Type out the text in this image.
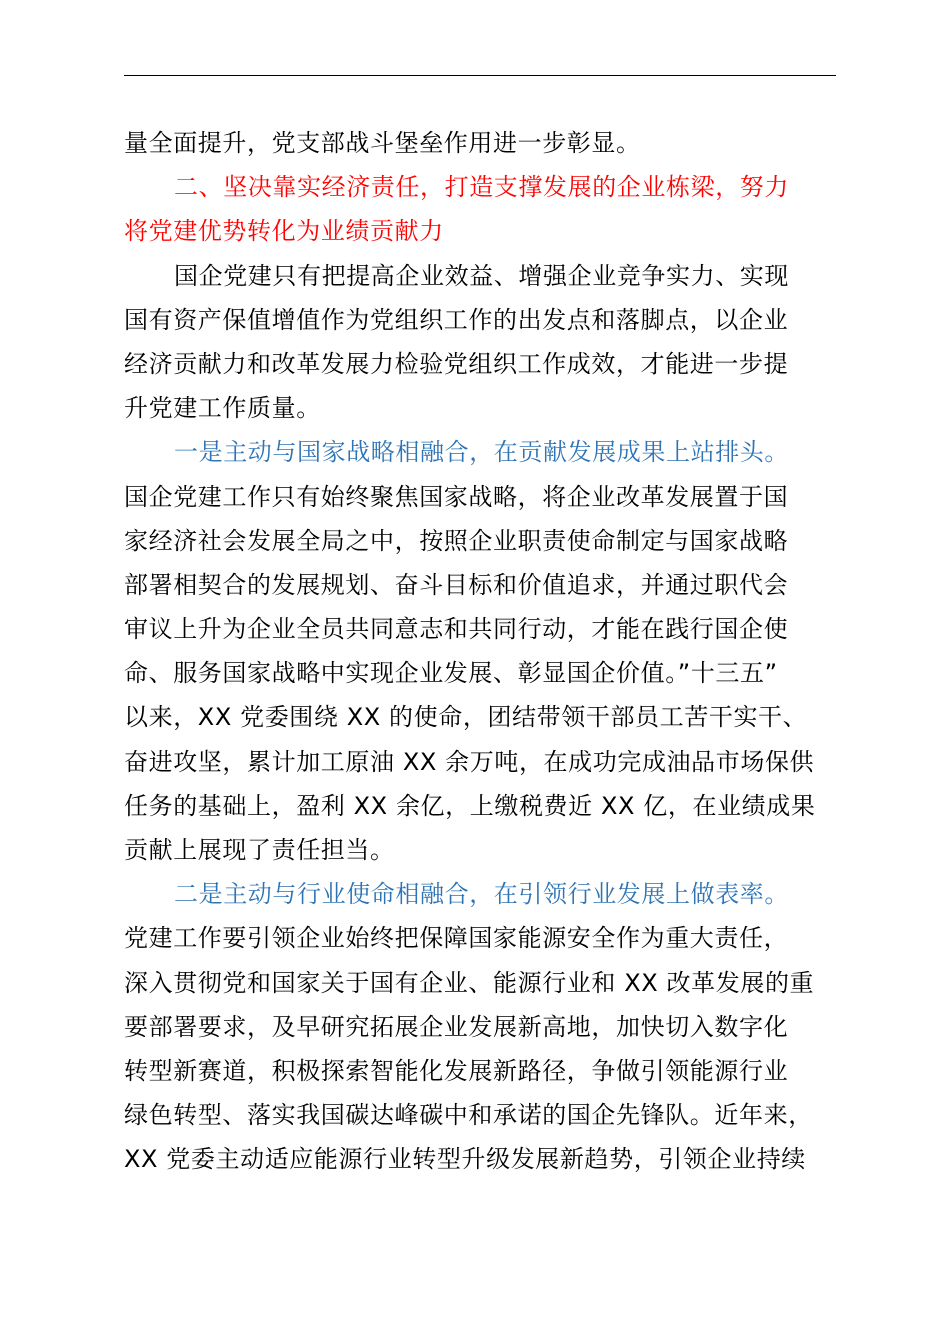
量全面提升，党支部战斗堡垒作用进一步彰显。
二、坚决靠实经济责任，打造支撑发展的企业栋梁，努力
将党建优势转化为业绩贡献力
国企党建只有把提高企业效益、增强企业竞争实力、实现
国有资产保值增值作为党组织工作的出发点和落脚点，以企业
经济贡献力和改革发展力检验党组织工作成效，才能进一步提
升党建工作质量。
一是主动与国家战略相融合，在贡献发展成果上站排头。
国企党建工作只有始终聚焦国家战略，将企业改革发展置于国
家经济社会发展全局之中，按照企业职责使命制定与国家战略
部署相契合的发展规划、奋斗目标和价值追求，并通过职代会
审议上升为企业全员共同意志和共同行动，才能在践行国企使
命、服务国家战略中实现企业发展、彰显国企价值。”十三五”
以来，XX 党委围绕 XX 的使命，团结带领干部员工苦干实干、
奋进攻坚，累计加工原油 XX 余万吨，在成功完成油品市场保供
任务的基础上，盈利 XX 余亿，上缴税费近 XX 亿，在业绩成果
贡献上展现了责任担当。
二是主动与行业使命相融合，在引领行业发展上做表率。
党建工作要引领企业始终把保障国家能源安全作为重大责任，
深入贯彻党和国家关于国有企业、能源行业和 XX 改革发展的重
要部署要求，及早研究拓展企业发展新高地，加快切入数字化
转型新赛道，积极探索智能化发展新路径，争做引领能源行业
绿色转型、落实我国碳达峰碳中和承诺的国企先锋队。近年来，
XX 党委主动适应能源行业转型升级发展新趋势，引领企业持续
